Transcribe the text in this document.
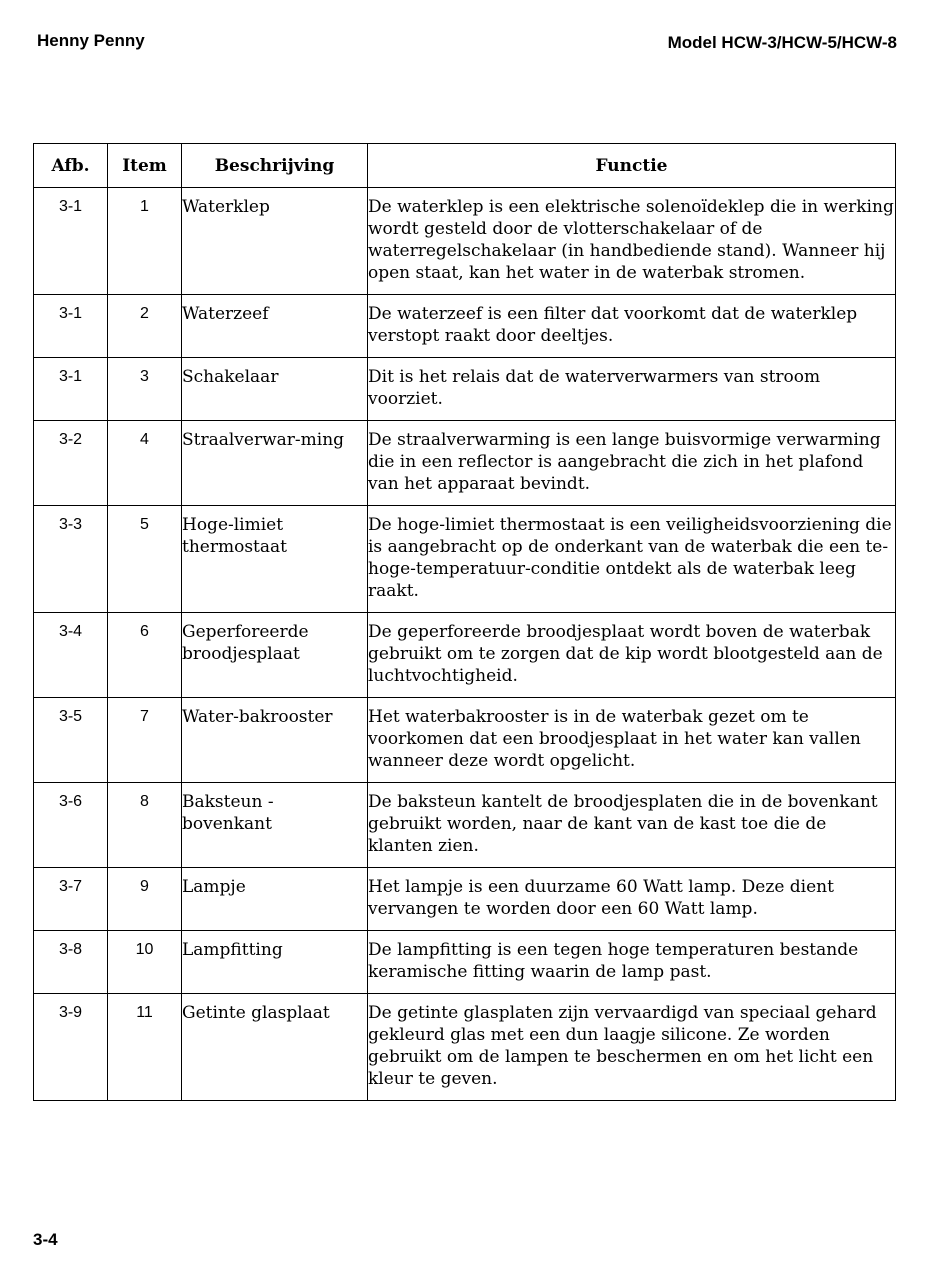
Henny Penny	Model HCW-3/HCW-5/HCW-8
Afb.	Item	Beschrijving	Functie
3-1	1	Waterklep	De waterklep is een elektrische solenoïdeklep die in werking wordt gesteld door de vlotterschakelaar of de waterregelschakelaar (in handbediende stand). Wanneer hij open staat, kan het water in de waterbak stromen.
3-1	2	Waterzeef	De waterzeef is een filter dat voorkomt dat de waterklep verstopt raakt door deeltjes.
3-1	3	Schakelaar	Dit is het relais dat de waterverwarmers van stroom voorziet.
3-2	4	Straalverwar-ming	De straalverwarming is een lange buisvormige verwarming die in een reflector is aangebracht die zich in het plafond van het apparaat bevindt.
3-3	5	Hoge-limiet thermostaat	De hoge-limiet thermostaat is een veiligheidsvoorziening die is aangebracht op de onderkant van de waterbak die een te-hoge-temperatuur-conditie ontdekt als de waterbak leeg raakt.
3-4	6	Geperforeerde broodjesplaat	De geperforeerde broodjesplaat wordt boven de waterbak gebruikt om te zorgen dat de kip wordt blootgesteld aan de luchtvochtigheid.
3-5	7	Water-bakrooster	Het waterbakrooster is in de waterbak gezet om te voorkomen dat een broodjesplaat in het water kan vallen wanneer deze wordt opgelicht.
3-6	8	Baksteun - bovenkant	De baksteun kantelt de broodjesplaten die in de bovenkant gebruikt worden, naar de kant van de kast toe die de klanten zien.
3-7	9	Lampje	Het lampje is een duurzame 60 Watt lamp. Deze dient vervangen te worden door een 60 Watt lamp.
3-8	10	Lampfitting	De lampfitting is een tegen hoge temperaturen bestande keramische fitting waarin de lamp past.
3-9	11	Getinte glasplaat	De getinte glasplaten zijn vervaardigd van speciaal gehard gekleurd glas met een dun laagje silicone. Ze worden gebruikt om de lampen te beschermen en om het licht een kleur te geven.
3-4
